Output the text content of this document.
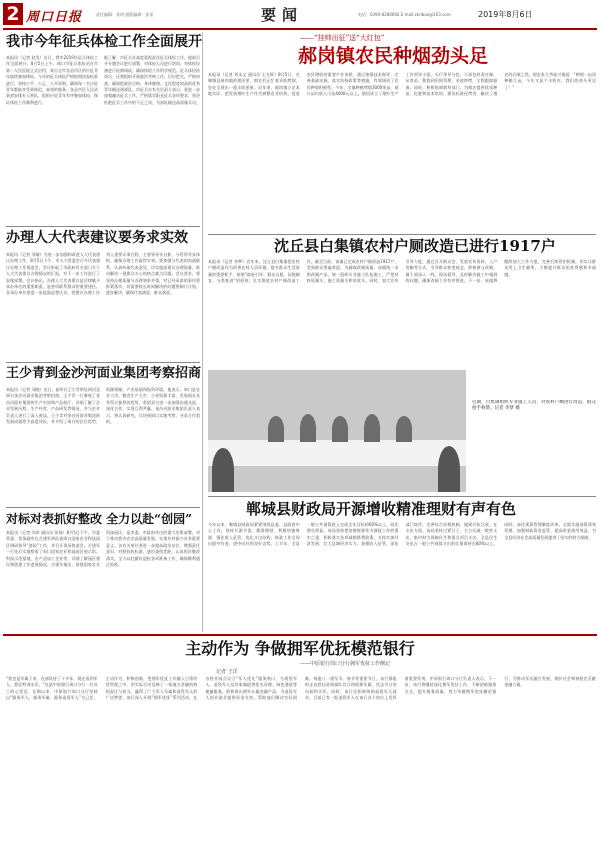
2 周口日报	责任编辑：张明 组版编辑：张雷	要闻	电话：0394-8288660 E-mail:zkribao@163.com	2019年8月6日
我市今年征兵体检工作全面展开
本报讯（记者 赵昊）近日，我市2019年征兵体检工作全面展开。8月5日上午，周口市征兵体检站在市第一人民医院正式启用，来自全市各县市区的应征青年陆续参加体检。今年的征兵体检严格按照国家标准进行，坚持公平、公正、公开原则，确保每一名应征青年都能享受到规范、高效的服务。各县市区人民武装部安排专人带队，组织应征青年有序参加体检，保证体检工作顺利进行。
据了解，市征兵办高度重视此次征兵体检工作，提前召开专题会议进行部署，对体检人员进行培训，对体检设备进行检修调试，确保体检工作科学规范。征兵体检结束后，还将组织开展政治考核工作，层层把关，严格审查，确保把政治合格、身体健康、文化程度较高的优秀青年输送到部队。市征兵办有关负责人表示，要进一步加强廉洁征兵工作，严格落实阳光征兵各项要求，坚决杜绝征兵工作中的不正之风，为部队输送高质量兵员。
办理人大代表建议要务求实效
本报讯（记者 刘瑞）为进一步加强和改进人大代表建议办理工作，8月5日下午，市人大常委会召开代表建议办理工作推进会。会议听取了市政府有关部门关于人大代表建议办理情况的汇报，对下一步工作进行了安排部署。会议指出，办理人大代表建议是法律赋予承办单位的重要职责，是密切联系群众的重要途径。各承办单位要进一步提高思想认识，把建议办理工作列入重要议事日程，主要领导亲自抓，分管领导具体抓，确保办理工作取得实效。要加强与代表的沟通联系，认真听取代表意见，切实提高建议办理质量，推动解决一批群众关心的热点难点问题。会议要求，要坚持办理质量与办理效果并重，对已经承诺的事项要抓紧落实，对需要较长时间解决的问题要制订计划，逐步解决，确保代表满意、群众满意。
王少青到金沙河面业集团考察招商
本报讯（记者 刘晓）近日，副市长王少青带队到河北邢台金沙河面业集团考察招商。王少青一行参观了金沙河面业集团的生产车间和产品展厅，详细了解了企业发展历程、生产经营、产品研发等情况，并与企业负责人进行了深入座谈。王少青对金沙河面业集团的发展成就给予高度评价，并介绍了周口的区位优势、资源禀赋、产业基础和投资环境。他表示，周口是农业大市、粮食生产大市，小麦资源丰富，发展面业具有得天独厚的优势。希望双方进一步加强沟通交流，深化合作，实现互利共赢。金沙河面业集团负责人表示，将认真研究，尽快到周口实地考察，寻求合作契机。
对标对表抓好整改 全力以赴“创园”
本报讯（记者 刘翠 通讯员 张扬）8月5日下午，市委常委、常务副市长吉建军带队到周口国家农业科技园区调研督导“创园”工作，并召开现场推进会。吉建军一行先后实地察看了周口国家农业科技园区展示馆、科技示范基地、农产品加工企业等，详细了解园区建设和创建工作进展情况。吉建军指出，创建国家农业科技园区，是市委、市政府作出的重大决策部署，对于推动我市农业高质量发展、实现乡村振兴具有重要意义。各有关单位要进一步提高政治站位，增强责任意识，对照验收标准，逐项查找差距，认真抓好整改落实，全力以赴做好迎检各项准备工作，确保顺利通过验收。
——“挂帅出征”送“大红包”
郝岗镇农民种烟劲头足
本报讯（记者 刘永文 通讯员 王光辉）8月5日，在郸城县郝岗镇的烟田里，烟农们正忙着采收烤烟，处处呈现出一派丰收景象。近年来，郝岗镇立足本地实际，把发展烟叶生产作为调整农业结构、促进农民增收的重要产业来抓，通过加强技术指导、完善基础设施、落实扶持政策等措施，有效调动了农民种烟积极性。今年，全镇种植烤烟3000余亩，预计亩均收入可达4000元以上。镇里成立了烟叶生产工作领导小组，实行领导分包、干部包村责任制，从育苗、移栽到田间管理、采收烘烤，全程跟踪服务。同时，积极协调烟草部门，为烟农提供优质种苗、化肥和技术培训，建设标准化烤房，解决了烟农的后顾之忧。烟农张大爷高兴地说：“种烟一亩顶种粮几亩，今年又是个丰收年，我们的劲头更足了！”
沈丘县白集镇农村户厕改造已进行1917户
本报讯（记者 李梦）近年来，沈丘县白集镇把农村户厕改造作为改善农村人居环境、提升群众生活质量的重要抓手，按照“政府引导、群众自愿、因地制宜、分类推进”的原则，扎实推进农村户厕改造工作。截至目前，该镇已完成农村户厕改造1917户，受到群众普遍欢迎。为确保改厕质量，该镇统一采购改厕产品，统一组织专业施工队伍施工，严把材料质量关、施工质量关和验收关。同时，加大宣传引导力度，通过召开群众会、发放宣传资料、入户讲解等方式，引导群众转变观念，积极参与改厕。镇干部深入一线，现场督导，及时解决施工中遇到的问题，确保改厕工作有序推进。下一步，该镇将继续加大工作力度，完善后续管护机制，切实让群众用上卫生厕所，不断提升群众的获得感和幸福感。
近期，白集镇组织专业施工人员，对农村户厕进行改造，群众拍手称赞。记者 李梦 摄
郸城县财政局开源增收精准理财有声有色
今年以来，郸城县财政局紧紧围绕县委、县政府中心工作，坚持开源节流、精准理财，积极培植财源，强化收入征管，优化支出结构，财政工作呈现出稳中有进、进中向好的良好态势。上半年，全县一般公共预算收入完成全年目标的60%以上，同比增长明显。该局坚持把培植财源作为财政工作的重中之重，积极落实各项减税降费政策，支持实体经济发展，壮大县域经济实力。加强收入征管，深化部门协作，完善综合治税机制，做到应收尽收。在支出方面，该局坚持过紧日子，大力压减一般性支出，集中财力保障民生和重点项目支出，全县民生支出占一般公共预算支出的比重保持在80%以上。同时，深化预算管理制度改革，全面实施预算绩效管理，加强财政资金监管，提高资金使用效益，为全县经济社会高质量发展提供了坚实的财力保障。
主动作为 争做拥军优抚模范银行
——中原银行周口分行拥军优抚工作侧记
记者 王洋
“我也是军属子弟，在部队待了十多年，现在看到军人，我还特别亲切。”这是中原银行周口分行一位员工的心里话。长期以来，中原银行周口分行坚持以“服务军人、服务军属、服务退役军人”为己任，主动作为，积极创新，把拥军优抚工作融入日常经营管理之中，用实际行动诠释了一家地方金融机构的责任与担当，赢得了广大军人军属和退役军人的广泛赞誉。该行深入开展“拥军优抚”系列活动，在各营业网点设立“军人优先”服务窗口，为现役军人、退役军人及其家属提供优先办理、绿色通道等便捷服务。积极推出拥军专属金融产品，为退役军人创业就业提供资金支持，帮助他们解决实际困难。每逢八一建军节、春节等重要节日，该行都组织走访慰问驻周部队官兵和困难军属，送去节日的问候和关怀。同时，该行还积极吸纳退役军人就业，目前已有一批退役军人在该行各个岗位上发挥着重要作用。中原银行周口分行负责人表示，下一步，该行将继续深化拥军优抚工作，不断创新服务方式，提升服务质量，努力争做拥军优抚模范银行，为推动军民融合发展、维护社会和谐稳定贡献金融力量。
